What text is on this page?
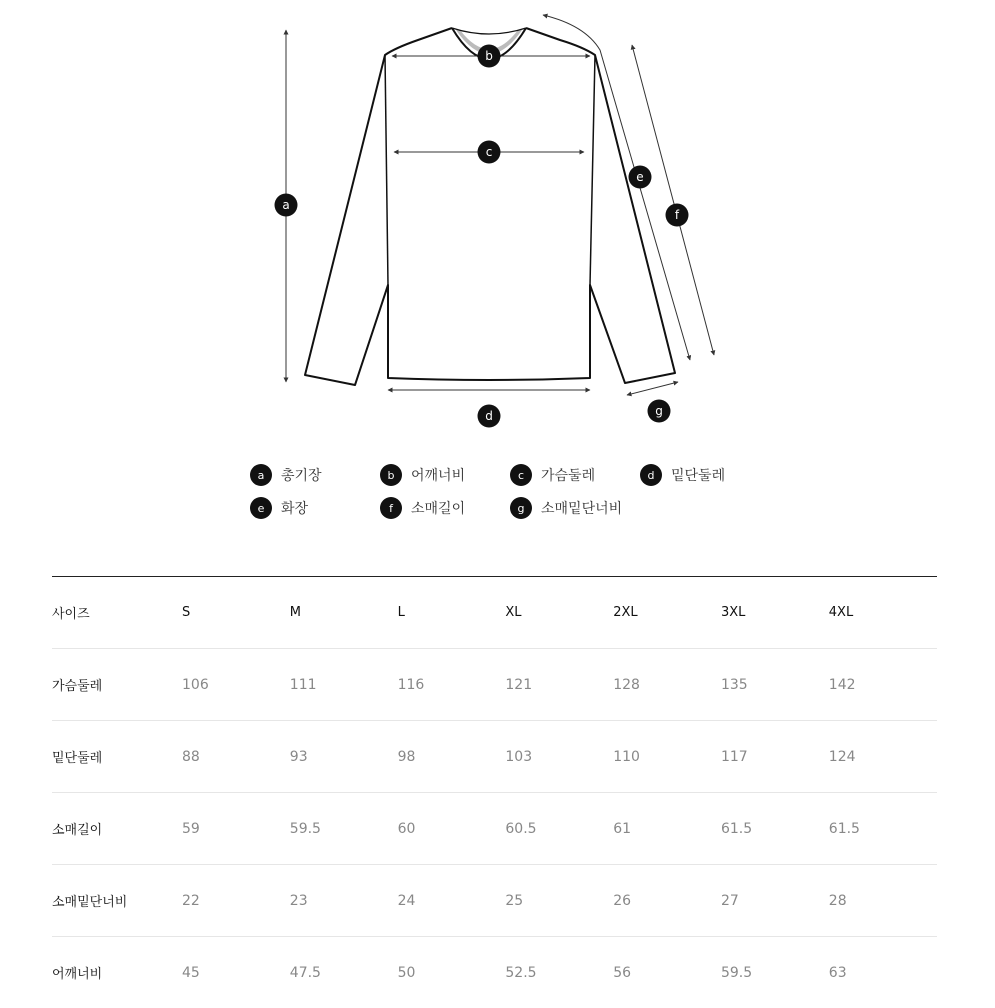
a
b
c
d
e
f
g
a	총기장	b	어깨너비	c	가슴둘레	d	밑단둘레
e	화장	f	소매길이	g	소매밑단너비
사이즈	S	M	L	XL	2XL	3XL	4XL
가슴둘레	106	111	116	121	128	135	142
밑단둘레	88	93	98	103	110	117	124
소매길이	59	59.5	60	60.5	61	61.5	61.5
소매밑단너비	22	23	24	25	26	27	28
어깨너비	45	47.5	50	52.5	56	59.5	63
